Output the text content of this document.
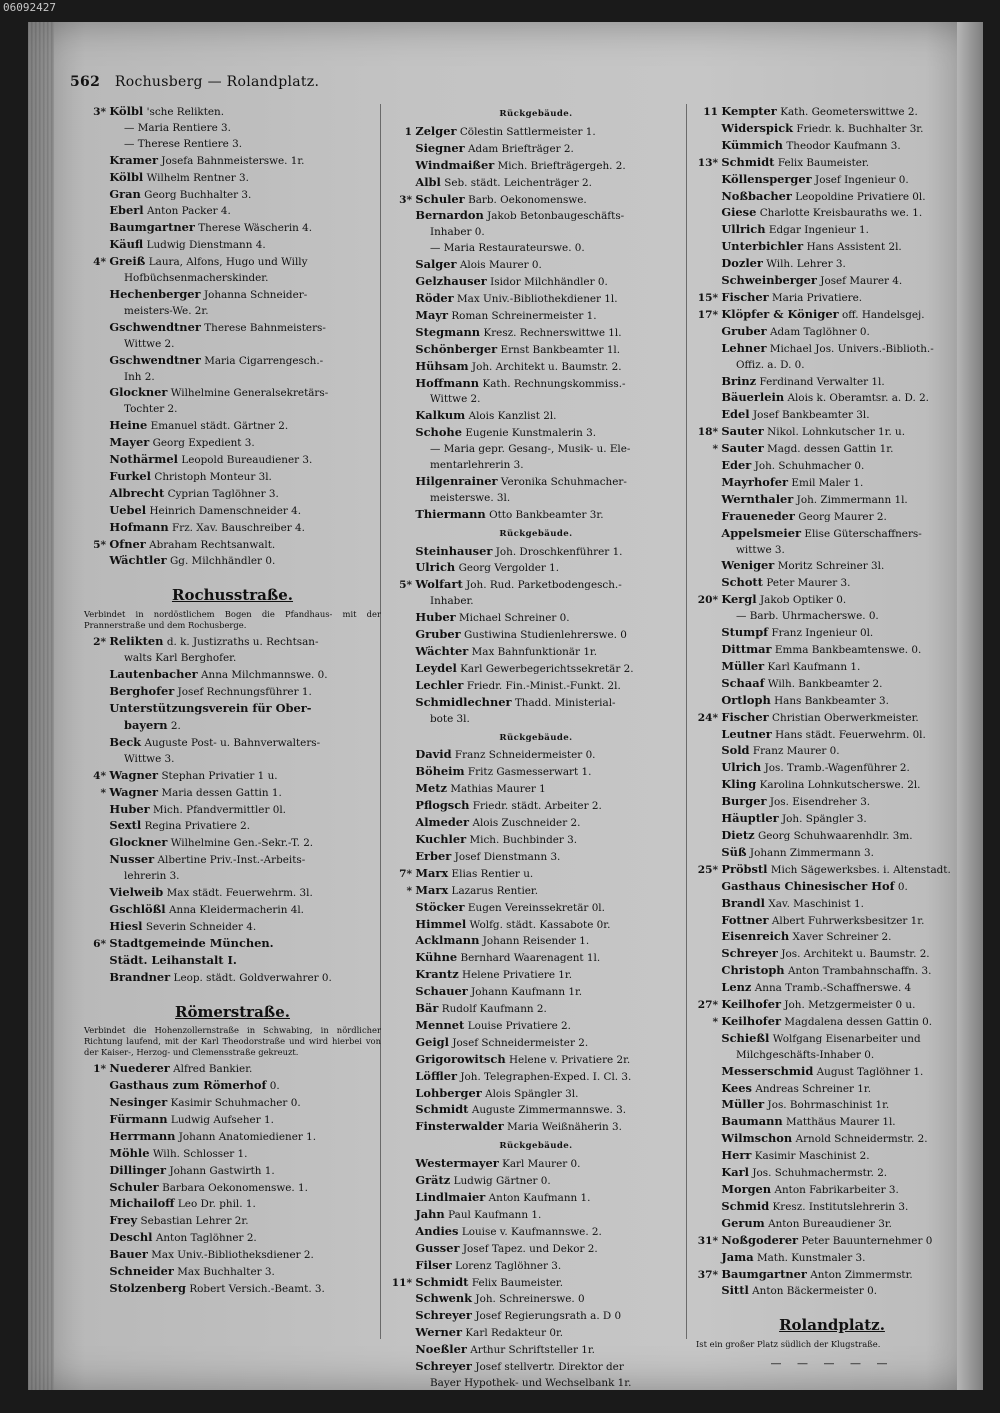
06092427
562 Rochusberg — Rolandplatz.
3* Kölbl 'sche Relikten.
— Maria Rentiere 3.
— Therese Rentiere 3.
Kramer Josefa Bahnmeisterswe. 1r.
Kölbl Wilhelm Rentner 3.
Gran Georg Buchhalter 3.
Eberl Anton Packer 4.
Baumgartner Therese Wäscherin 4.
Käufl Ludwig Dienstmann 4.
4* Greiß Laura, Alfons, Hugo und Willy
Hofbüchsenmacherskinder.
Hechenberger Johanna Schneider-
meisters-We. 2r.
Gschwendtner Therese Bahnmeisters-
Wittwe 2.
Gschwendtner Maria Cigarrengesch.-
Inh 2.
Glockner Wilhelmine Generalsekretärs-
Tochter 2.
Heine Emanuel städt. Gärtner 2.
Mayer Georg Expedient 3.
Nothärmel Leopold Bureaudiener 3.
Furkel Christoph Monteur 3l.
Albrecht Cyprian Taglöhner 3.
Uebel Heinrich Damenschneider 4.
Hofmann Frz. Xav. Bauschreiber 4.
5* Ofner Abraham Rechtsanwalt.
Wächtler Gg. Milchhändler 0.
Rochusstraße.
Verbindet in nordöstlichem Bogen die Pfandhaus- mit der Prannerstraße und dem Rochusberge.
2* Relikten d. k. Justizraths u. Rechtsan-
walts Karl Berghofer.
Lautenbacher Anna Milchmannswe. 0.
Berghofer Josef Rechnungsführer 1.
Unterstützungsverein für Ober-
bayern 2.
Beck Auguste Post- u. Bahnverwalters-
Wittwe 3.
4* Wagner Stephan Privatier 1 u.
* Wagner Maria dessen Gattin 1.
Huber Mich. Pfandvermittler 0l.
Sextl Regina Privatiere 2.
Glockner Wilhelmine Gen.-Sekr.-T. 2.
Nusser Albertine Priv.-Inst.-Arbeits-
lehrerin 3.
Vielweib Max städt. Feuerwehrm. 3l.
Gschlößl Anna Kleidermacherin 4l.
Hiesl Severin Schneider 4.
6* Stadtgemeinde München.
Städt. Leihanstalt I.
Brandner Leop. städt. Goldverwahrer 0.
Römerstraße.
Verbindet die Hohenzollernstraße in Schwabing, in nördlicher Richtung laufend, mit der Karl Theodorstraße und wird hierbei von der Kaiser-, Herzog- und Clemensstraße gekreuzt.
1* Nuederer Alfred Bankier.
Gasthaus zum Römerhof 0.
Nesinger Kasimir Schuhmacher 0.
Fürmann Ludwig Aufseher 1.
Herrmann Johann Anatomiediener 1.
Möhle Wilh. Schlosser 1.
Dillinger Johann Gastwirth 1.
Schuler Barbara Oekonomenswe. 1.
Michailoff Leo Dr. phil. 1.
Frey Sebastian Lehrer 2r.
Deschl Anton Taglöhner 2.
Bauer Max Univ.-Bibliotheksdiener 2.
Schneider Max Buchhalter 3.
Stolzenberg Robert Versich.-Beamt. 3.
Rückgebäude.
1 Zelger Cölestin Sattlermeister 1.
Siegner Adam Briefträger 2.
Windmaißer Mich. Briefträgergeh. 2.
Albl Seb. städt. Leichenträger 2.
3* Schuler Barb. Oekonomenswe.
Bernardon Jakob Betonbaugeschäfts-
Inhaber 0.
— Maria Restaurateurswe. 0.
Salger Alois Maurer 0.
Gelzhauser Isidor Milchhändler 0.
Röder Max Univ.-Bibliothekdiener 1l.
Mayr Roman Schreinermeister 1.
Stegmann Kresz. Rechnerswittwe 1l.
Schönberger Ernst Bankbeamter 1l.
Hühsam Joh. Architekt u. Baumstr. 2.
Hoffmann Kath. Rechnungskommiss.-
Wittwe 2.
Kalkum Alois Kanzlist 2l.
Schohe Eugenie Kunstmalerin 3.
— Maria gepr. Gesang-, Musik- u. Ele-
mentarlehrerin 3.
Hilgenrainer Veronika Schuhmacher-
meisterswe. 3l.
Thiermann Otto Bankbeamter 3r.
Rückgebäude.
Steinhauser Joh. Droschkenführer 1.
Ulrich Georg Vergolder 1.
5* Wolfart Joh. Rud. Parketbodengesch.-
Inhaber.
Huber Michael Schreiner 0.
Gruber Gustiwina Studienlehrerswe. 0
Wächter Max Bahnfunktionär 1r.
Leydel Karl Gewerbegerichtssekretär 2.
Lechler Friedr. Fin.-Minist.-Funkt. 2l.
Schmidlechner Thadd. Ministerial-
bote 3l.
Rückgebäude.
David Franz Schneidermeister 0.
Böheim Fritz Gasmesserwart 1.
Metz Mathias Maurer 1
Pflogsch Friedr. städt. Arbeiter 2.
Almeder Alois Zuschneider 2.
Kuchler Mich. Buchbinder 3.
Erber Josef Dienstmann 3.
7* Marx Elias Rentier u.
* Marx Lazarus Rentier.
Stöcker Eugen Vereinssekretär 0l.
Himmel Wolfg. städt. Kassabote 0r.
Acklmann Johann Reisender 1.
Kühne Bernhard Waarenagent 1l.
Krantz Helene Privatiere 1r.
Schauer Johann Kaufmann 1r.
Bär Rudolf Kaufmann 2.
Mennet Louise Privatiere 2.
Geigl Josef Schneidermeister 2.
Grigorowitsch Helene v. Privatiere 2r.
Löffler Joh. Telegraphen-Exped. I. Cl. 3.
Lohberger Alois Spängler 3l.
Schmidt Auguste Zimmermannswe. 3.
Finsterwalder Maria Weißnäherin 3.
Rückgebäude.
Westermayer Karl Maurer 0.
Grätz Ludwig Gärtner 0.
Lindlmaier Anton Kaufmann 1.
Jahn Paul Kaufmann 1.
Andies Louise v. Kaufmannswe. 2.
Gusser Josef Tapez. und Dekor 2.
Filser Lorenz Taglöhner 3.
11* Schmidt Felix Baumeister.
Schwenk Joh. Schreinerswe. 0
Schreyer Josef Regierungsrath a. D 0
Werner Karl Redakteur 0r.
Noeßler Arthur Schriftsteller 1r.
Schreyer Josef stellvertr. Direktor der
Bayer Hypothek- und Wechselbank 1r.
11 Kempter Kath. Geometerswittwe 2.
Widerspick Friedr. k. Buchhalter 3r.
Kümmich Theodor Kaufmann 3.
13* Schmidt Felix Baumeister.
Köllensperger Josef Ingenieur 0.
Noßbacher Leopoldine Privatiere 0l.
Giese Charlotte Kreisbauraths we. 1.
Ullrich Edgar Ingenieur 1.
Unterbichler Hans Assistent 2l.
Dozler Wilh. Lehrer 3.
Schweinberger Josef Maurer 4.
15* Fischer Maria Privatiere.
17* Klöpfer & Königer off. Handelsgej.
Gruber Adam Taglöhner 0.
Lehner Michael Jos. Univers.-Biblioth.-
Offiz. a. D. 0.
Brinz Ferdinand Verwalter 1l.
Bäuerlein Alois k. Oberamtsr. a. D. 2.
Edel Josef Bankbeamter 3l.
18* Sauter Nikol. Lohnkutscher 1r. u.
* Sauter Magd. dessen Gattin 1r.
Eder Joh. Schuhmacher 0.
Mayrhofer Emil Maler 1.
Wernthaler Joh. Zimmermann 1l.
Fraueneder Georg Maurer 2.
Appelsmeier Elise Güterschaffners-
wittwe 3.
Weniger Moritz Schreiner 3l.
Schott Peter Maurer 3.
20* Kergl Jakob Optiker 0.
— Barb. Uhrmacherswe. 0.
Stumpf Franz Ingenieur 0l.
Dittmar Emma Bankbeamtenswe. 0.
Müller Karl Kaufmann 1.
Schaaf Wilh. Bankbeamter 2.
Ortloph Hans Bankbeamter 3.
24* Fischer Christian Oberwerkmeister.
Leutner Hans städt. Feuerwehrm. 0l.
Sold Franz Maurer 0.
Ulrich Jos. Tramb.-Wagenführer 2.
Kling Karolina Lohnkutscherswe. 2l.
Burger Jos. Eisendreher 3.
Häuptler Joh. Spängler 3.
Dietz Georg Schuhwaarenhdlr. 3m.
Süß Johann Zimmermann 3.
25* Pröbstl Mich Sägewerksbes. i. Altenstadt.
Gasthaus Chinesischer Hof 0.
Brandl Xav. Maschinist 1.
Fottner Albert Fuhrwerksbesitzer 1r.
Eisenreich Xaver Schreiner 2.
Schreyer Jos. Architekt u. Baumstr. 2.
Christoph Anton Trambahnschaffn. 3.
Lenz Anna Tramb.-Schaffnerswe. 4
27* Keilhofer Joh. Metzgermeister 0 u.
* Keilhofer Magdalena dessen Gattin 0.
Schießl Wolfgang Eisenarbeiter und
Milchgeschäfts-Inhaber 0.
Messerschmid August Taglöhner 1.
Kees Andreas Schreiner 1r.
Müller Jos. Bohrmaschinist 1r.
Baumann Matthäus Maurer 1l.
Wilmschon Arnold Schneidermstr. 2.
Herr Kasimir Maschinist 2.
Karl Jos. Schuhmachermstr. 2.
Morgen Anton Fabrikarbeiter 3.
Schmid Kresz. Institutslehrerin 3.
Gerum Anton Bureaudiener 3r.
31* Noßgoderer Peter Bauunternehmer 0
Jama Math. Kunstmaler 3.
37* Baumgartner Anton Zimmermstr.
Sittl Anton Bäckermeister 0.
Rolandplatz.
Ist ein großer Platz südlich der Klugstraße.
— — — — —
